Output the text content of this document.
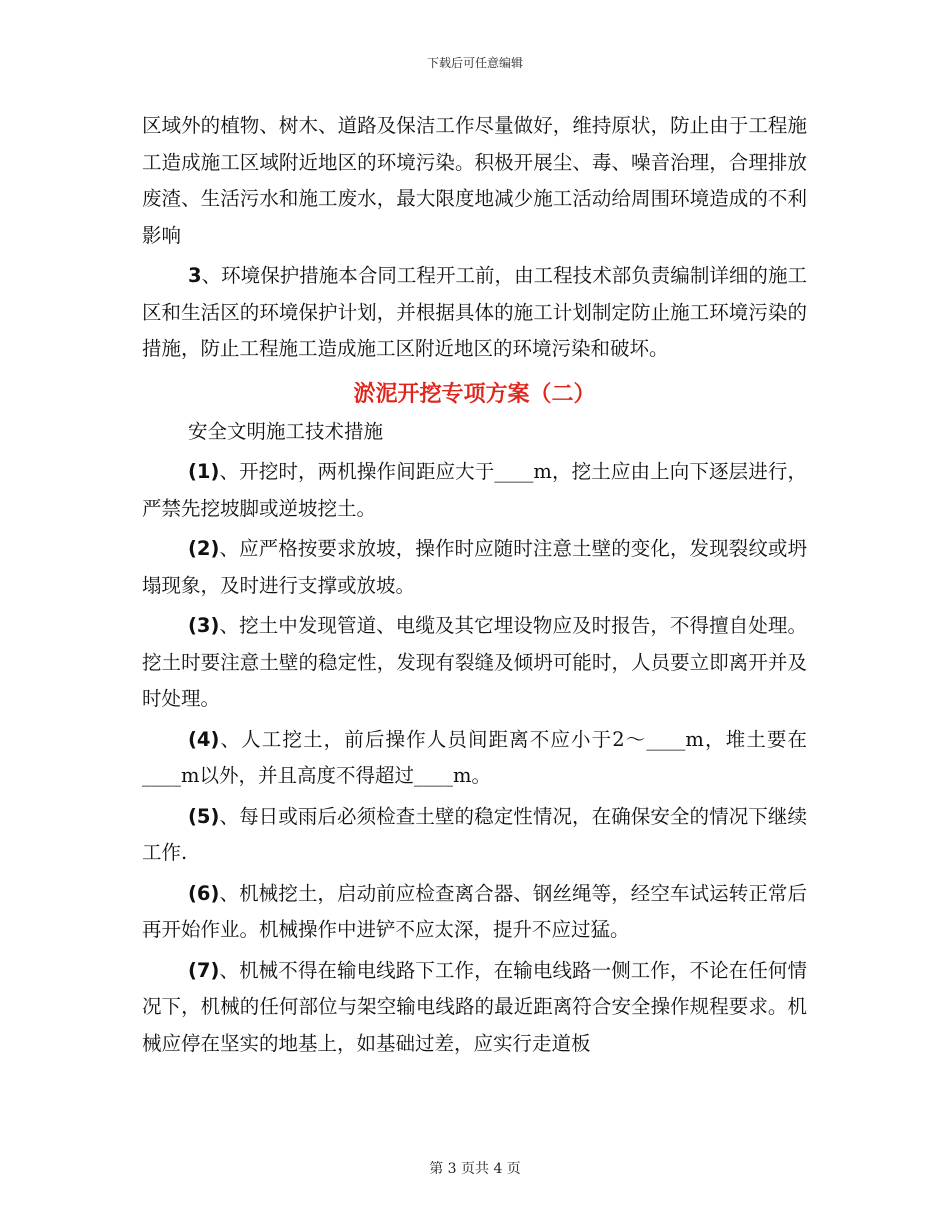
下载后可任意编辑

区域外的植物、树木、道路及保洁工作尽量做好，维持原状，防止由于工程施工造成施工区域附近地区的环境污染。积极开展尘、毒、噪音治理，合理排放废渣、生活污水和施工废水，最大限度地减少施工活动给周围环境造成的不利影响

3、环境保护措施本合同工程开工前，由工程技术部负责编制详细的施工区和生活区的环境保护计划，并根据具体的施工计划制定防止施工环境污染的措施，防止工程施工造成施工区附近地区的环境污染和破坏。

淤泥开挖专项方案（二）

安全文明施工技术措施

(1)、开挖时，两机操作间距应大于____m，挖土应由上向下逐层进行，严禁先挖坡脚或逆坡挖土。

(2)、应严格按要求放坡，操作时应随时注意土壁的变化，发现裂纹或坍塌现象，及时进行支撑或放坡。

(3)、挖土中发现管道、电缆及其它埋设物应及时报告，不得擅自处理。挖土时要注意土壁的稳定性，发现有裂缝及倾坍可能时，人员要立即离开并及时处理。

(4)、人工挖土，前后操作人员间距离不应小于2～____m，堆土要在____m以外，并且高度不得超过____m。

(5)、每日或雨后必须检查土壁的稳定性情况，在确保安全的情况下继续工作.

(6)、机械挖土，启动前应检查离合器、钢丝绳等，经空车试运转正常后再开始作业。机械操作中进铲不应太深，提升不应过猛。

(7)、机械不得在输电线路下工作，在输电线路一侧工作，不论在任何情况下，机械的任何部位与架空输电线路的最近距离符合安全操作规程要求。机械应停在坚实的地基上，如基础过差，应实行走道板

第 3 页共 4 页
